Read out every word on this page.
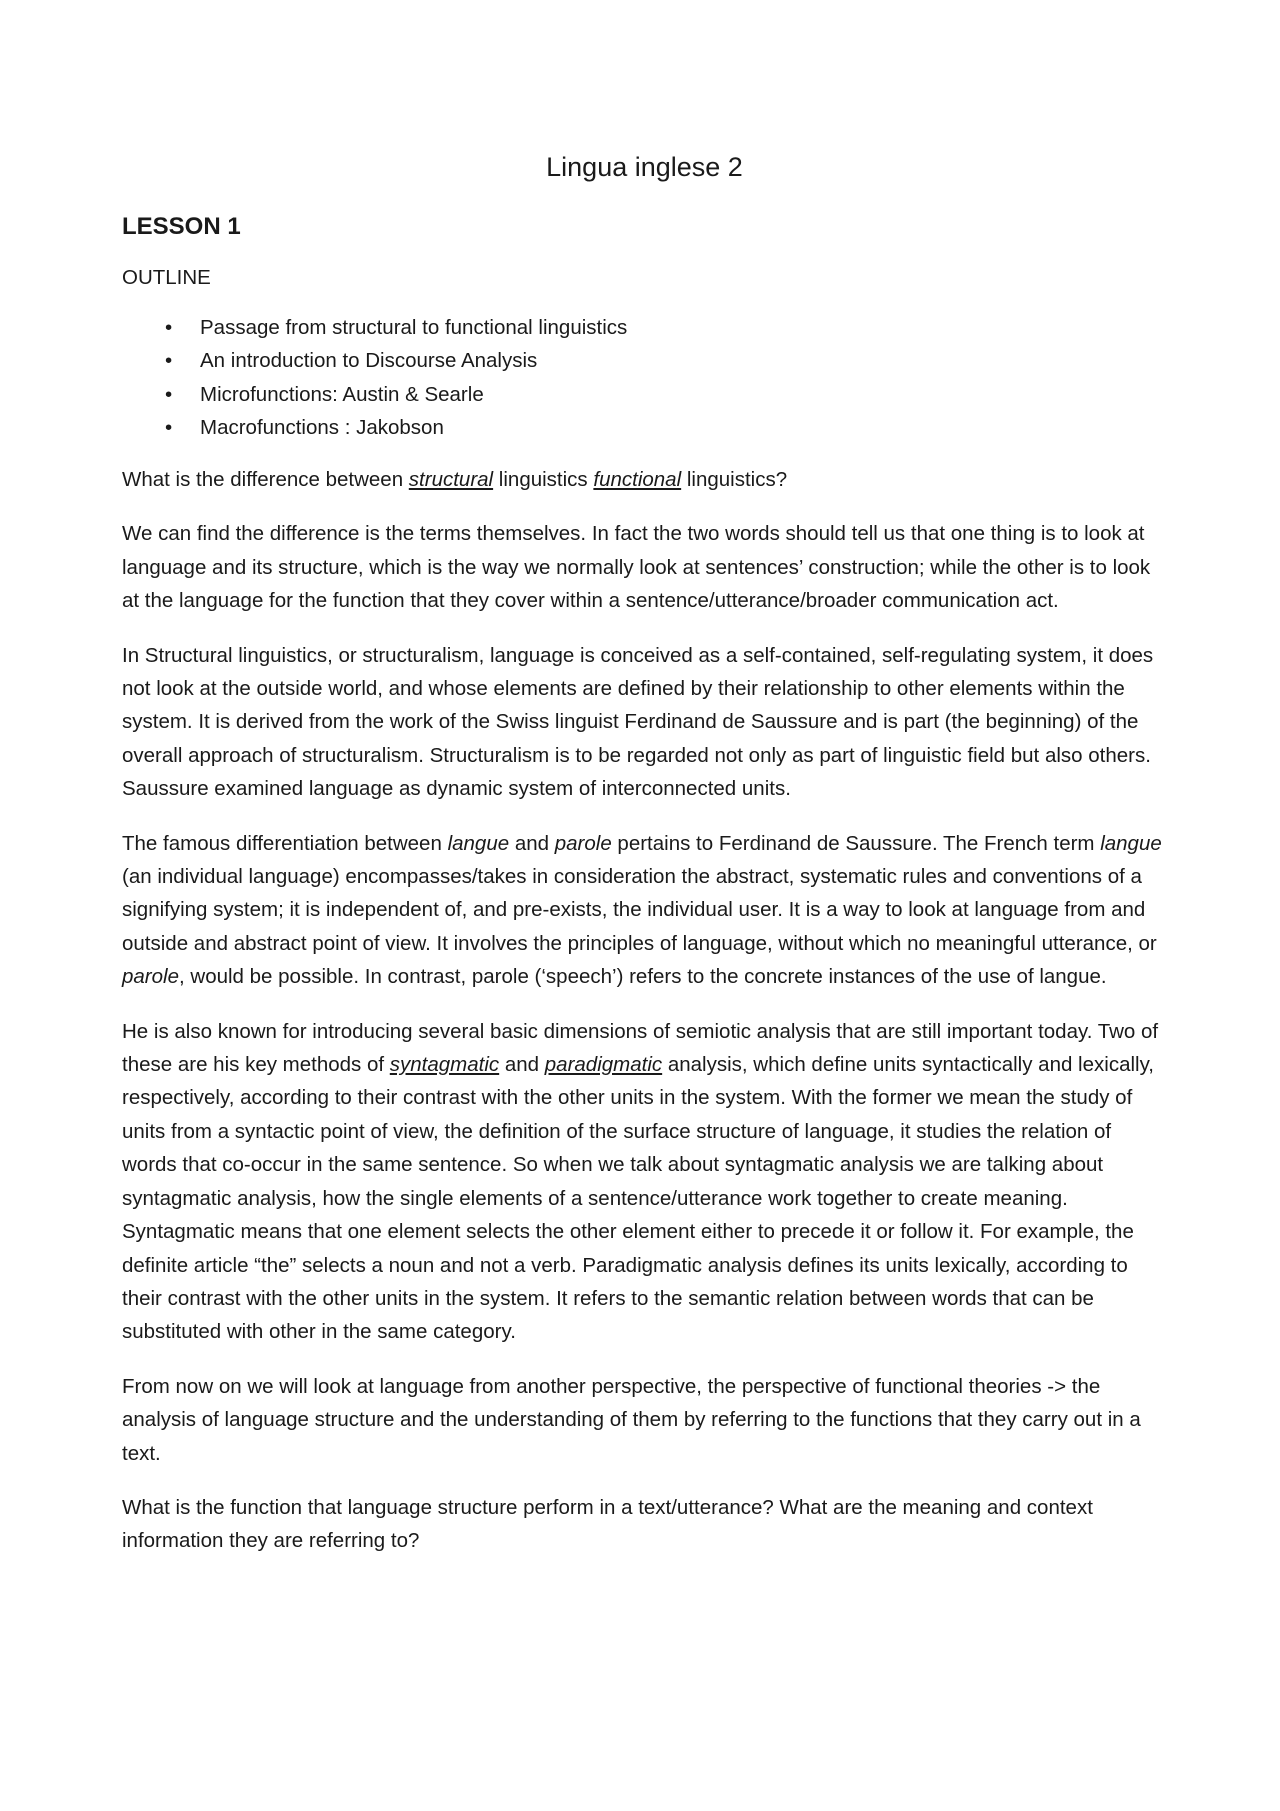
Lingua inglese 2
LESSON 1
OUTLINE
• Passage from structural to functional linguistics
• An introduction to Discourse Analysis
• Microfunctions: Austin & Searle
• Macrofunctions : Jakobson

What is the difference between structural linguistics functional linguistics?

We can find the difference is the terms themselves. In fact the two words should tell us that one thing is to look at language and its structure, which is the way we normally look at sentences’ construction; while the other is to look at the language for the function that they cover within a sentence/utterance/broader communication act.

In Structural linguistics, or structuralism, language is conceived as a self-contained, self-regulating system, it does not look at the outside world, and whose elements are defined by their relationship to other elements within the system. It is derived from the work of the Swiss linguist Ferdinand de Saussure and is part (the beginning) of the overall approach of structuralism. Structuralism is to be regarded not only as part of linguistic field but also others. Saussure examined language as dynamic system of interconnected units.

The famous differentiation between langue and parole pertains to Ferdinand de Saussure. The French term langue (an individual language) encompasses/takes in consideration the abstract, systematic rules and conventions of a signifying system; it is independent of, and pre-exists, the individual user. It is a way to look at language from and outside and abstract point of view. It involves the principles of language, without which no meaningful utterance, or parole, would be possible. In contrast, parole (‘speech’) refers to the concrete instances of the use of langue.

He is also known for introducing several basic dimensions of semiotic analysis that are still important today. Two of these are his key methods of syntagmatic and paradigmatic analysis, which define units syntactically and lexically, respectively, according to their contrast with the other units in the system. With the former we mean the study of units from a syntactic point of view, the definition of the surface structure of language, it studies the relation of words that co-occur in the same sentence. So when we talk about syntagmatic analysis we are talking about syntagmatic analysis, how the single elements of a sentence/utterance work together to create meaning. Syntagmatic means that one element selects the other element either to precede it or follow it. For example, the definite article “the” selects a noun and not a verb. Paradigmatic analysis defines its units lexically, according to their contrast with the other units in the system. It refers to the semantic relation between words that can be substituted with other in the same category.

From now on we will look at language from another perspective, the perspective of functional theories -> the analysis of language structure and the understanding of them by referring to the functions that they carry out in a text.

What is the function that language structure perform in a text/utterance? What are the meaning and context information they are referring to?
